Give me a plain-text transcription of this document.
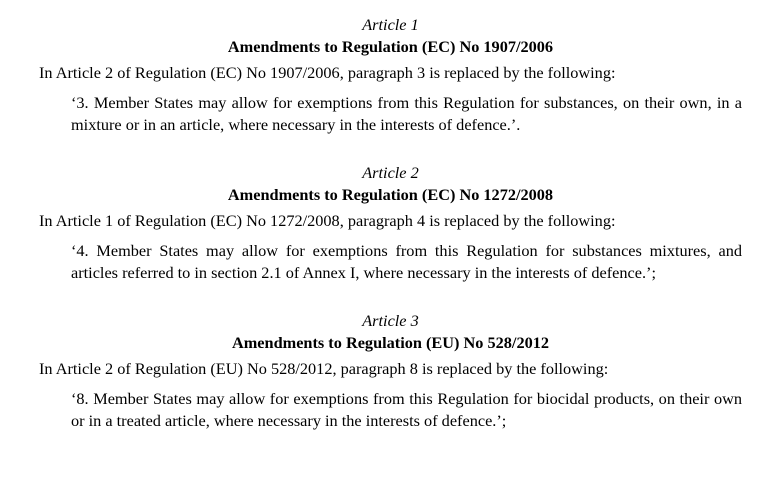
Article 1

Amendments to Regulation (EC) No 1907/2006

In Article 2 of Regulation (EC) No 1907/2006, paragraph 3 is replaced by the following:

‘3. Member States may allow for exemptions from this Regulation for substances, on their own, in a mixture or in an article, where necessary in the interests of defence.’.

Article 2

Amendments to Regulation (EC) No 1272/2008

In Article 1 of Regulation (EC) No 1272/2008, paragraph 4 is replaced by the following:

‘4. Member States may allow for exemptions from this Regulation for substances mixtures, and articles referred to in section 2.1 of Annex I, where necessary in the interests of defence.’;

Article 3

Amendments to Regulation (EU) No 528/2012

In Article 2 of Regulation (EU) No 528/2012, paragraph 8 is replaced by the following:

‘8. Member States may allow for exemptions from this Regulation for biocidal products, on their own or in a treated article, where necessary in the interests of defence.’;
